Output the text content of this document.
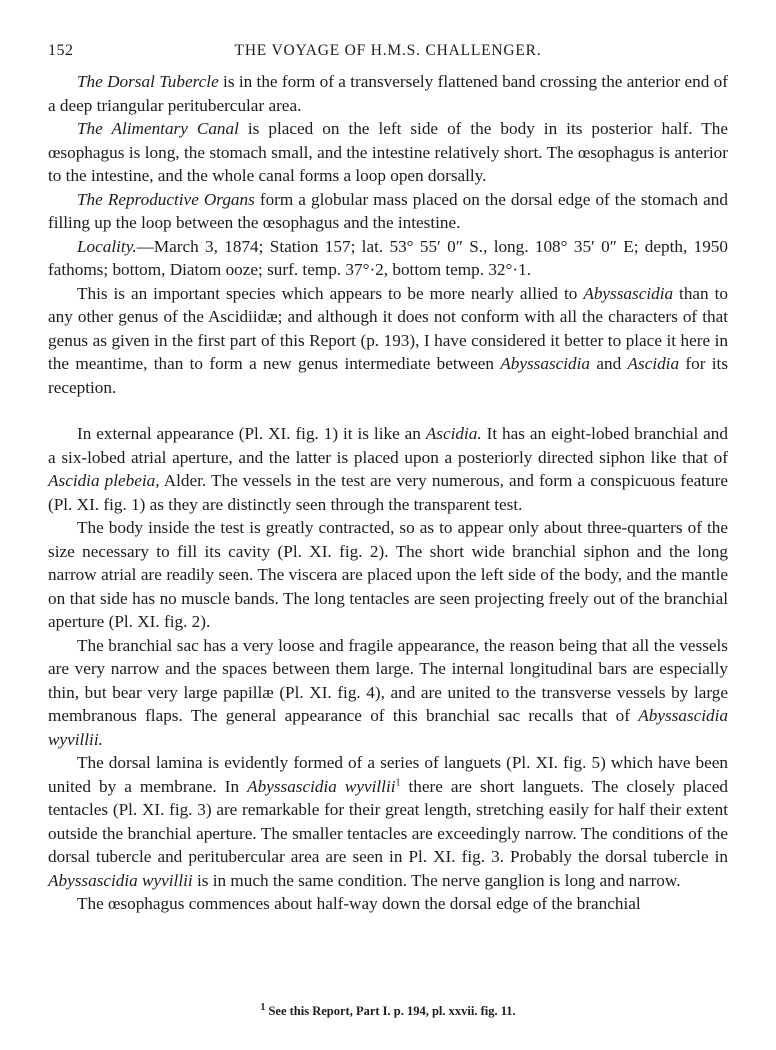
152	THE VOYAGE OF H.M.S. CHALLENGER.

The Dorsal Tubercle is in the form of a transversely flattened band crossing the anterior end of a deep triangular peritubercular area.

The Alimentary Canal is placed on the left side of the body in its posterior half. The œsophagus is long, the stomach small, and the intestine relatively short. The œsophagus is anterior to the intestine, and the whole canal forms a loop open dorsally.

The Reproductive Organs form a globular mass placed on the dorsal edge of the stomach and filling up the loop between the œsophagus and the intestine.

Locality.—March 3, 1874; Station 157; lat. 53° 55′ 0″ S., long. 108° 35′ 0″ E; depth, 1950 fathoms; bottom, Diatom ooze; surf. temp. 37°·2, bottom temp. 32°·1.

This is an important species which appears to be more nearly allied to Abyssascidia than to any other genus of the Ascidiidæ; and although it does not conform with all the characters of that genus as given in the first part of this Report (p. 193), I have considered it better to place it here in the meantime, than to form a new genus intermediate between Abyssascidia and Ascidia for its reception.

In external appearance (Pl. XI. fig. 1) it is like an Ascidia. It has an eight-lobed branchial and a six-lobed atrial aperture, and the latter is placed upon a posteriorly directed siphon like that of Ascidia plebeia, Alder. The vessels in the test are very numerous, and form a conspicuous feature (Pl. XI. fig. 1) as they are distinctly seen through the transparent test.

The body inside the test is greatly contracted, so as to appear only about three-quarters of the size necessary to fill its cavity (Pl. XI. fig. 2). The short wide branchial siphon and the long narrow atrial are readily seen. The viscera are placed upon the left side of the body, and the mantle on that side has no muscle bands. The long tentacles are seen projecting freely out of the branchial aperture (Pl. XI. fig. 2).

The branchial sac has a very loose and fragile appearance, the reason being that all the vessels are very narrow and the spaces between them large. The internal longitudinal bars are especially thin, but bear very large papillæ (Pl. XI. fig. 4), and are united to the transverse vessels by large membranous flaps. The general appearance of this branchial sac recalls that of Abyssascidia wyvillii.

The dorsal lamina is evidently formed of a series of languets (Pl. XI. fig. 5) which have been united by a membrane. In Abyssascidia wyvillii$^1$ there are short languets. The closely placed tentacles (Pl. XI. fig. 3) are remarkable for their great length, stretching easily for half their extent outside the branchial aperture. The smaller tentacles are exceedingly narrow. The conditions of the dorsal tubercle and peritubercular area are seen in Pl. XI. fig. 3. Probably the dorsal tubercle in Abyssascidia wyvillii is in much the same condition. The nerve ganglion is long and narrow.

The œsophagus commences about half-way down the dorsal edge of the branchial

$^1$ See this Report, Part I. p. 194, pl. xxvii. fig. 11.
